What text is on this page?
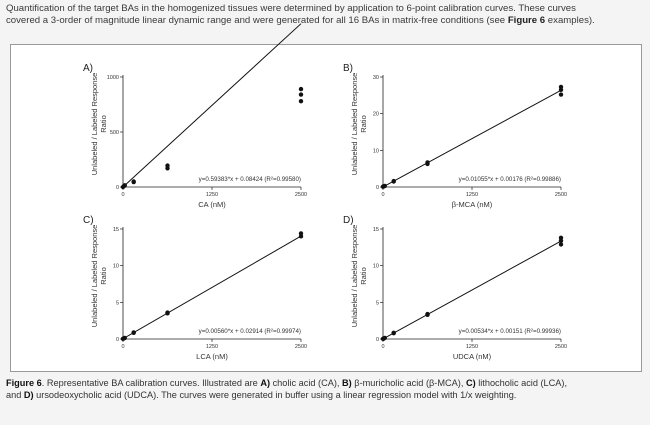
Quantification of the target BAs in the homogenized tissues were determined by application to 6-point calibration curves. These curves
covered a 3-order of magnitude linear dynamic range and were generated for all 16 BAs in matrix-free conditions (see Figure 6 examples).
A)
0
500
1000
0	1250	2500
CA (nM)
Unlabeled / Labeled Response Ratio
y=0.59383*x + 0.08424 (R²=0.99580)
B)
0
10
20
30
0	1250	2500
β-MCA (nM)
Unlabeled / Labeled Response Ratio
y=0.01055*x + 0.00176 (R²=0.99886)
C)
0
5
10
15
0	1250	2500
LCA (nM)
Unlabeled / Labeled Response Ratio
y=0.00560*x + 0.02914 (R²=0.99974)
D)
0
5
10
15
0	1250	2500
UDCA (nM)
Unlabeled / Labeled Response Ratio
y=0.00534*x + 0.00151 (R²=0.99936)
Figure 6. Representative BA calibration curves. Illustrated are A) cholic acid (CA), B) β-muricholic acid (β-MCA), C) lithocholic acid (LCA),
and D) ursodeoxycholic acid (UDCA). The curves were generated in buffer using a linear regression model with 1/x weighting.
